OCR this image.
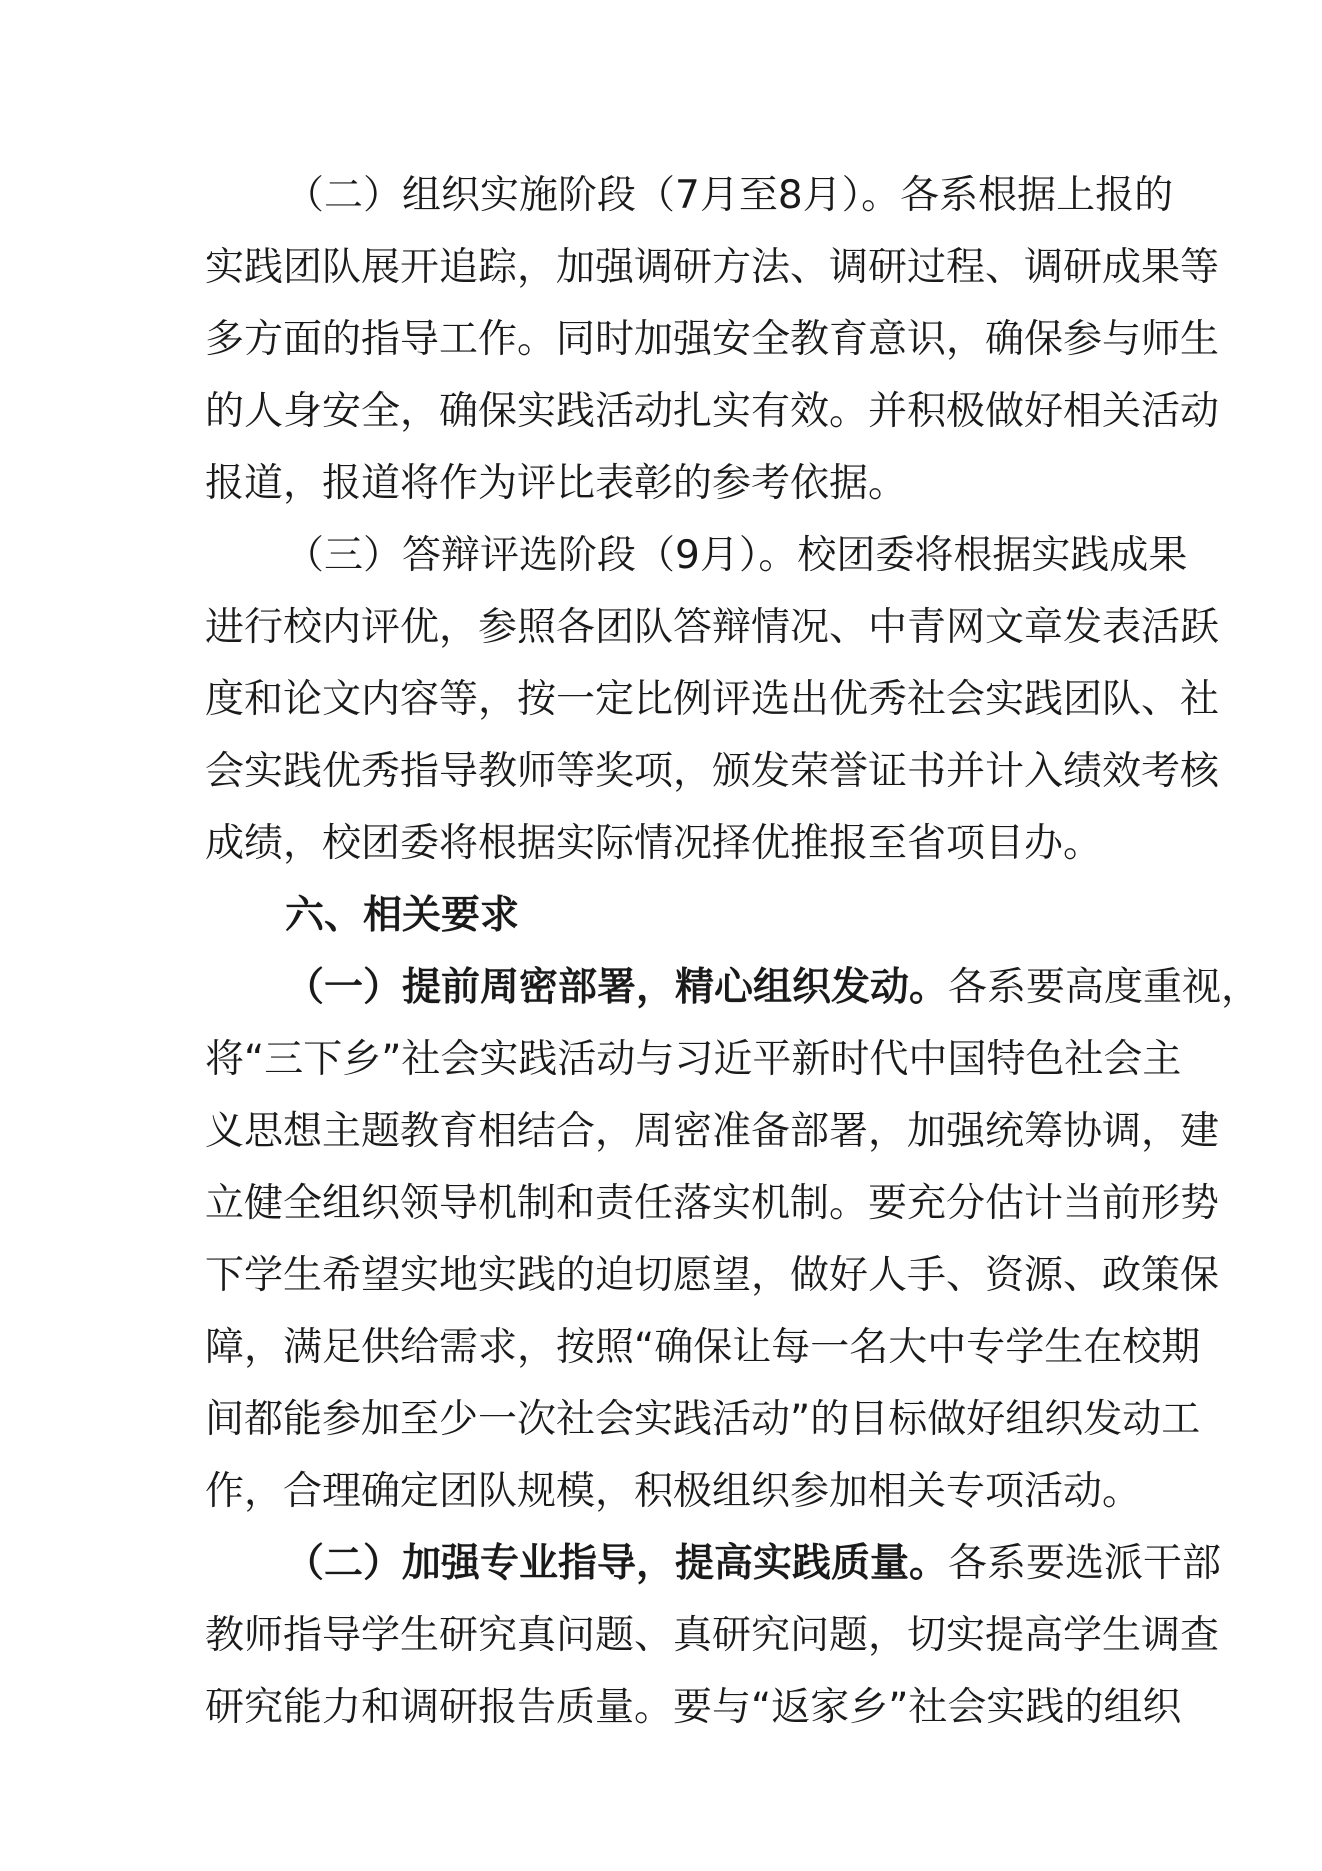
（二）组织实施阶段（7月至8月）。各系根据上报的
实践团队展开追踪，加强调研方法、调研过程、调研成果等
多方面的指导工作。同时加强安全教育意识，确保参与师生
的人身安全，确保实践活动扎实有效。并积极做好相关活动
报道，报道将作为评比表彰的参考依据。
（三）答辩评选阶段（9月）。校团委将根据实践成果
进行校内评优，参照各团队答辩情况、中青网文章发表活跃
度和论文内容等，按一定比例评选出优秀社会实践团队、社
会实践优秀指导教师等奖项，颁发荣誉证书并计入绩效考核
成绩，校团委将根据实际情况择优推报至省项目办。
六、相关要求
（一）提前周密部署，精心组织发动。各系要高度重视，
将“三下乡”社会实践活动与习近平新时代中国特色社会主
义思想主题教育相结合，周密准备部署，加强统筹协调，建
立健全组织领导机制和责任落实机制。要充分估计当前形势
下学生希望实地实践的迫切愿望，做好人手、资源、政策保
障，满足供给需求，按照“确保让每一名大中专学生在校期
间都能参加至少一次社会实践活动”的目标做好组织发动工
作，合理确定团队规模，积极组织参加相关专项活动。
（二）加强专业指导，提高实践质量。各系要选派干部
教师指导学生研究真问题、真研究问题，切实提高学生调查
研究能力和调研报告质量。要与“返家乡”社会实践的组织
